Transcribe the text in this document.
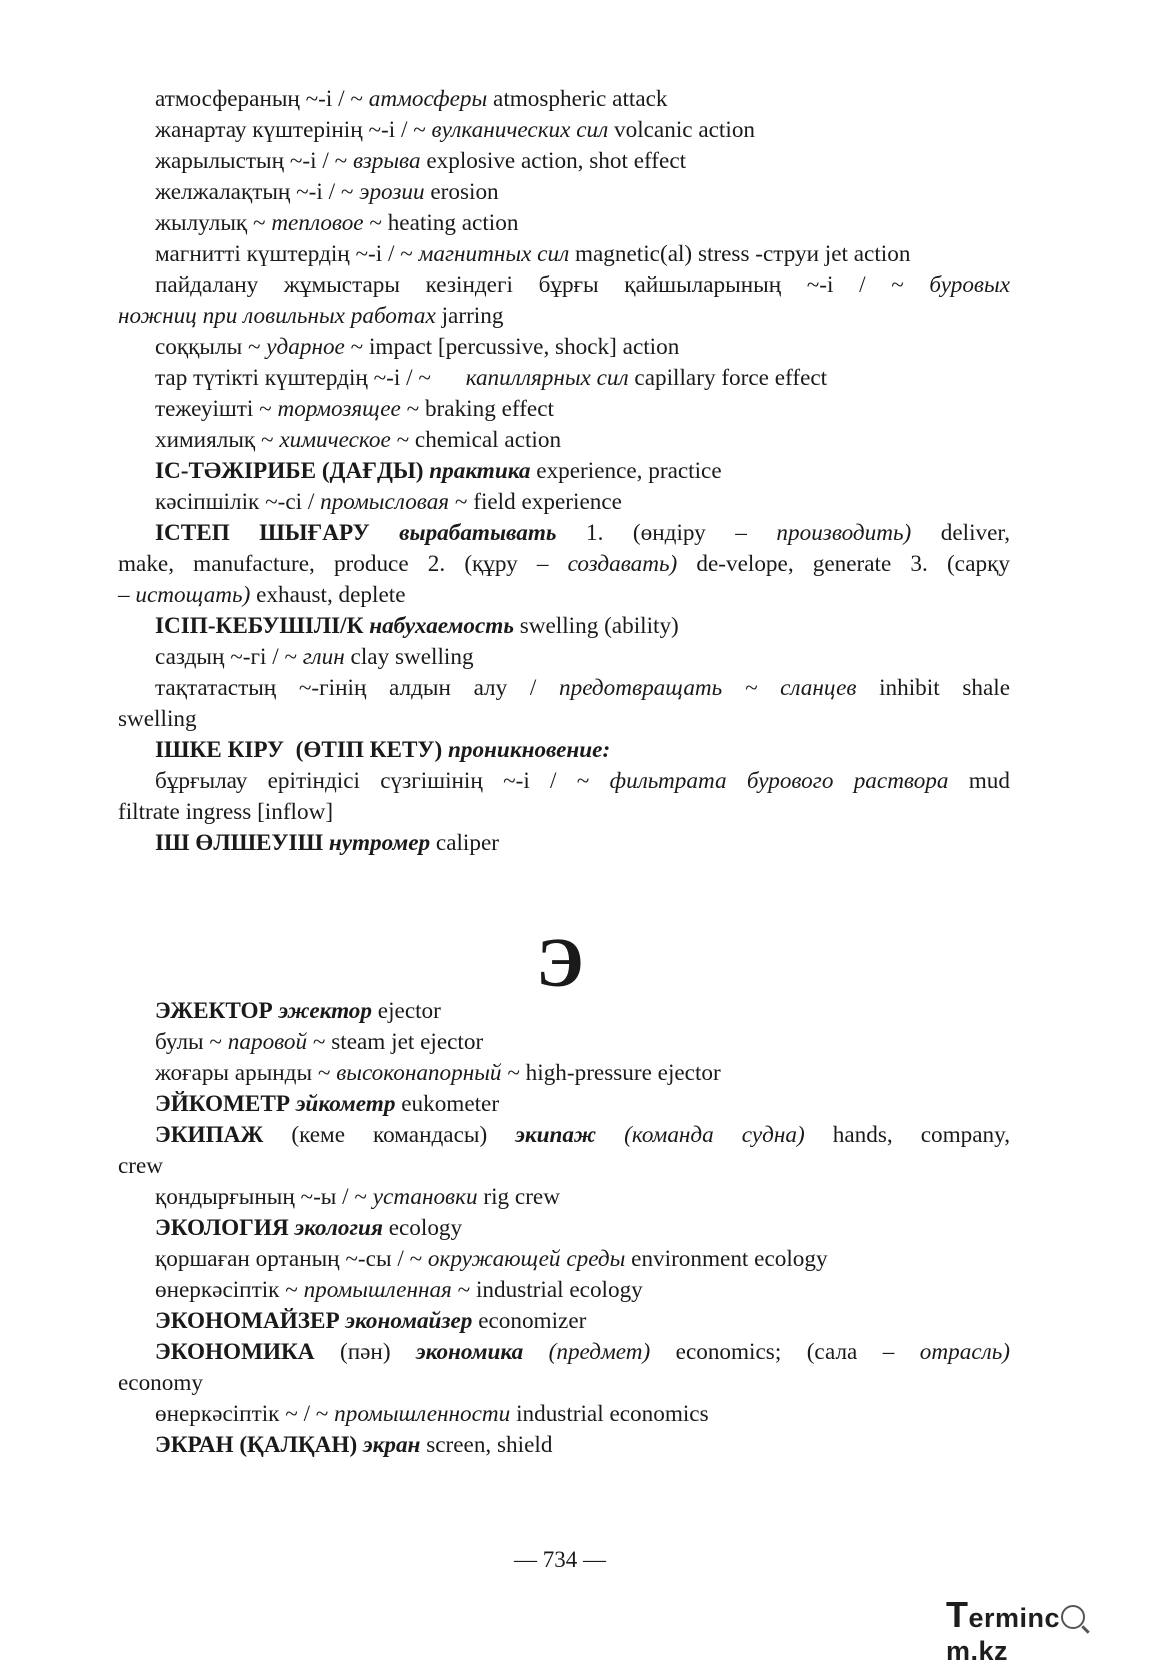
атмосфераның ~-і / ~ атмосферы atmospheric attack
жанартау күштерінің ~-і / ~ вулканических сил volcanic action
жарылыстың ~-і / ~ взрыва explosive action, shot effect
желжалақтың ~-і / ~ эрозии erosion
жылулық ~ тепловое ~ heating action
магнитті күштердің ~-і / ~ магнитных сил magnetic(al) stress -струи jet action
пайдалану жұмыстары кезіндегі бұрғы қайшыларының ~-і / ~ буровых
ножниц при ловильных работах jarring
соққылы ~ ударное ~ impact [percussive, shock] action
тар түтікті күштердің ~-і / ~      капиллярных сил capillary force effect
тежеуішті ~ тормозящее ~ braking effect
химиялық ~ химическое ~ chemical action
ІС-ТӘЖІРИБЕ (ДАҒДЫ) практика experience, practice
кәсіпшілік ~-сі / промысловая ~ field experience
ІСТЕП ШЫҒАРУ вырабатывать 1. (өндіру – производить) deliver,
make, manufacture, produce 2. (құру – создавать) de-velope, generate 3. (сарқу
– истощать) exhaust, deplete
ІСІП-КЕБУШІЛІ/К набухаемость swelling (ability)
саздың ~-гі / ~ глин clay swelling
тақтатастың ~-гінің алдын алу / предотвращать ~ сланцев inhibit shale
swelling
ІШКЕ КІРУ  (ӨТІП КЕТУ) проникновение:
бұрғылау ерітіндісі сүзгішінің ~-і / ~ фильтрата бурового раствора mud
filtrate ingress [inflow]
ІШ ӨЛШЕУІШ нутромер caliper
ЭЖЕКТОР эжектор ejector
булы ~ паровой ~ steam jet ejector
жоғары арынды ~ высоконапорный ~ high-pressure ejector
ЭЙКОМЕТР эйкометр eukometer
ЭКИПАЖ (кеме командасы) экипаж (команда судна) hands, company,
crew
қондырғының ~-ы / ~ установки rig crew
ЭКОЛОГИЯ экология ecology
қоршаған ортаның ~-сы / ~ окружающей среды environment ecology
өнеркәсіптік ~ промышленная ~ industrial ecology
ЭКОНОМАЙЗЕР экономайзер economizer
ЭКОНОМИКА (пән) экономика (предмет) economics; (сала – отрасль)
economy
өнеркәсіптік ~ / ~ промышленности industrial economics
ЭКРАН (ҚАЛҚАН) экран screen, shield
Э
— 734 —
Termincm.kz
